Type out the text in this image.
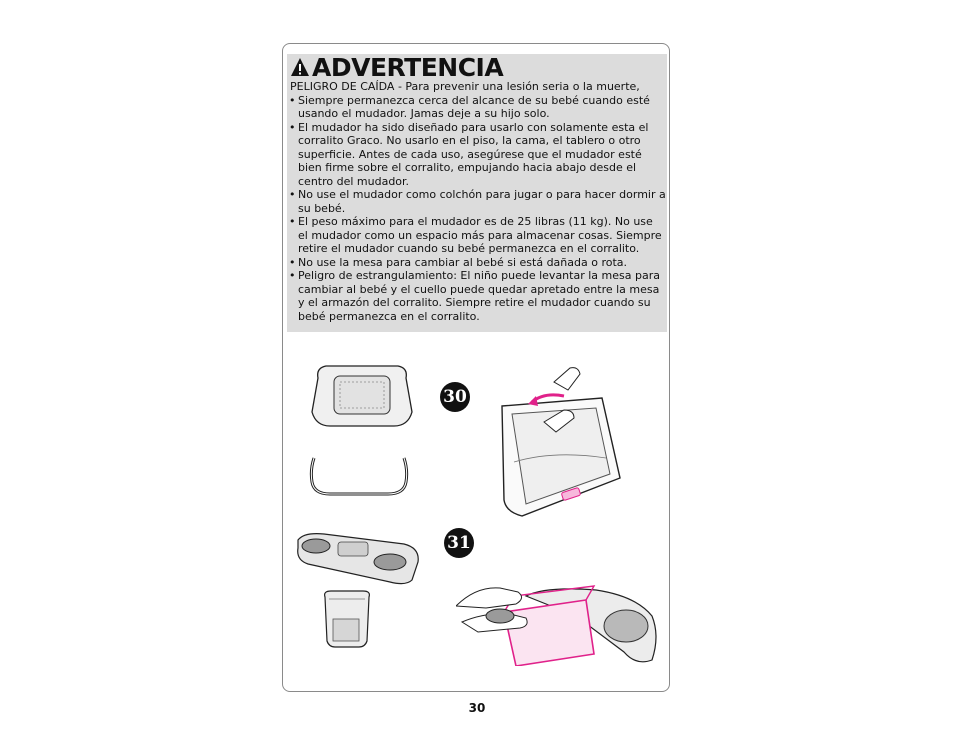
ADVERTENCIA

PELIGRO DE CAÍDA - Para prevenir una lesión seria o la muerte,

• Siempre permanezca cerca del alcance de su bebé cuando esté usando el mudador. Jamas deje a su hijo solo.
• El mudador ha sido diseñado para usarlo con solamente esta el corralito Graco. No usarlo en el piso, la cama, el tablero o otro superficie. Antes de cada uso, asegúrese que el mudador esté bien firme sobre el corralito, empujando hacia abajo desde el centro del mudador.
• No use el mudador como colchón para jugar o para hacer dormir a su bebé.
• El peso máximo para el mudador es de 25 libras (11 kg). No use el mudador como un espacio más para almacenar cosas. Siempre retire el mudador cuando su bebé permanezca en el corralito.
• No use la mesa para cambiar al bebé si está dañada o rota.
• Peligro de estrangulamiento: El niño puede levantar la mesa para cambiar al bebé y el cuello puede quedar apretado entre la mesa y el armazón del corralito. Siempre retire el mudador cuando su bebé permanezca en el corralito.
30
31
30
